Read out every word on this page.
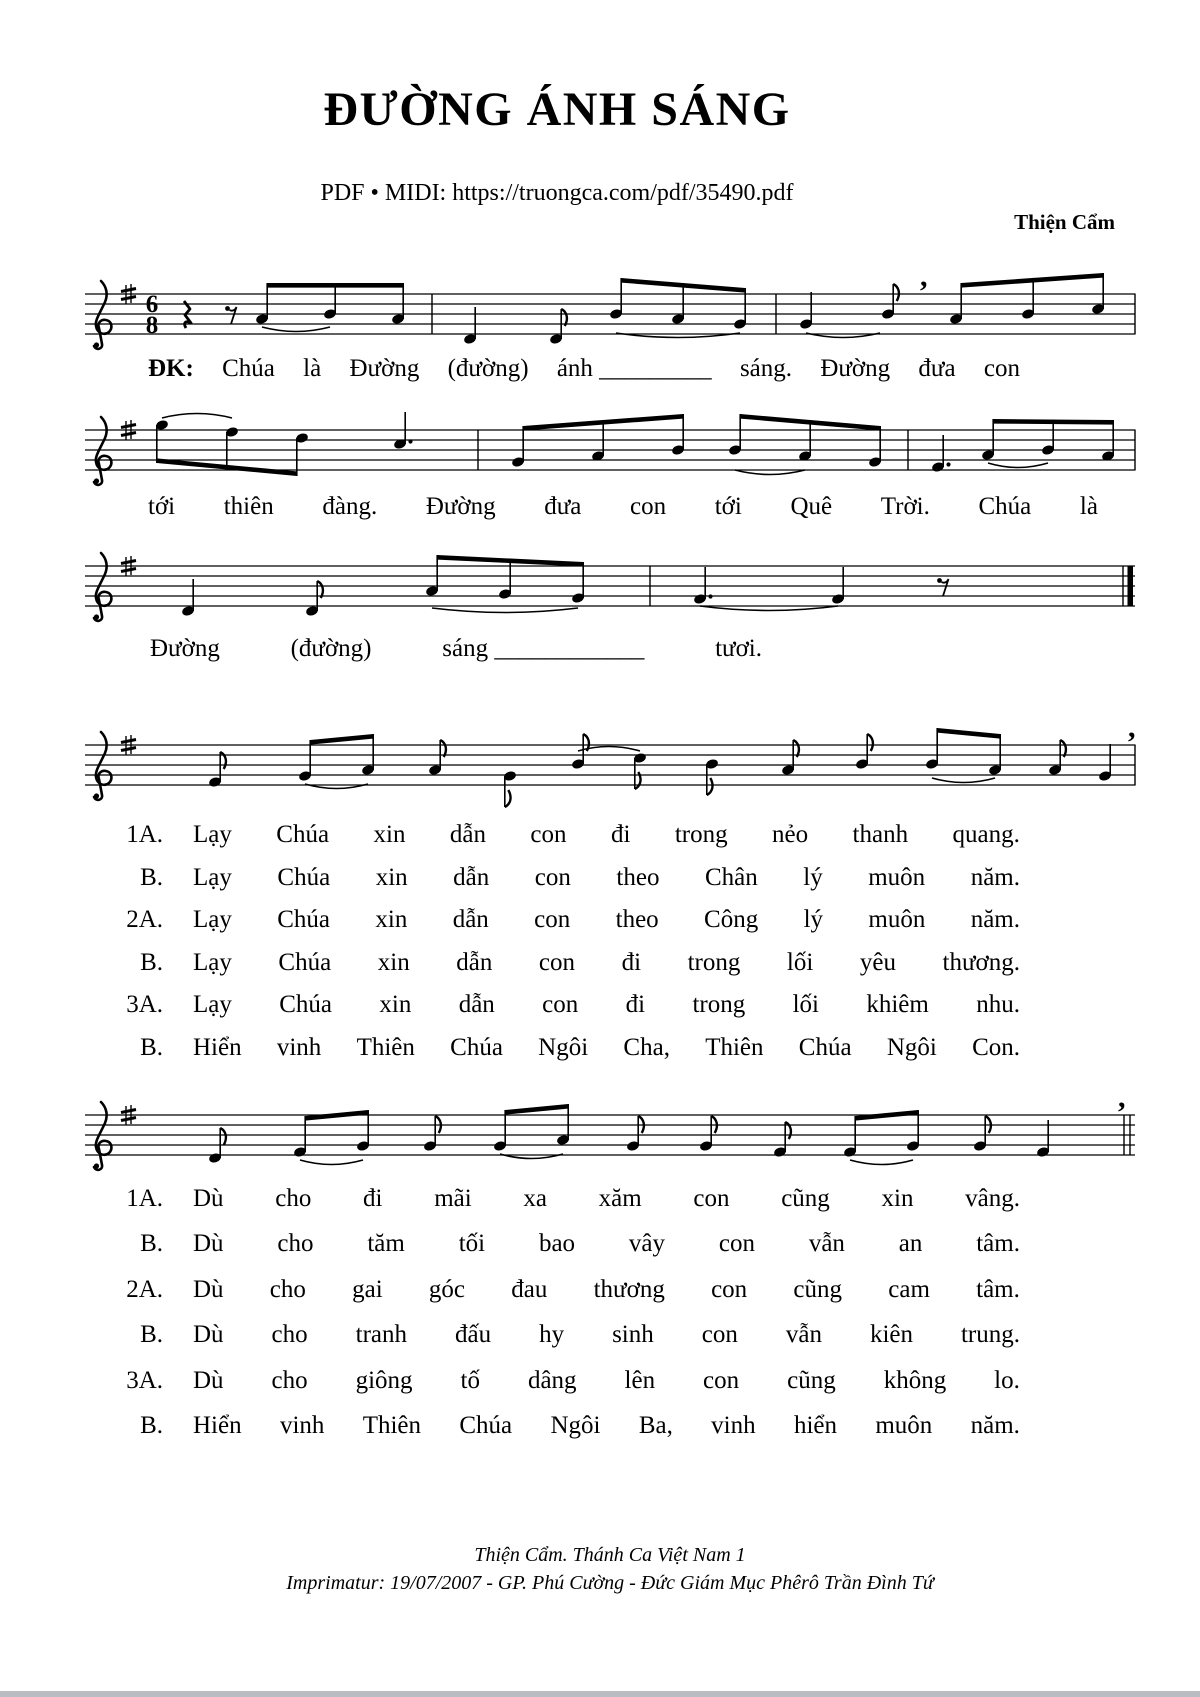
6
8
,
,
,
ĐƯỜNG ÁNH SÁNG
PDF • MIDI: https://truongca.com/pdf/35490.pdf
Thiện Cẩm
ĐK: Chúa là Đường (đường) ánh _________ sáng. Đường đưa con
tới thiên đàng. Đường đưa con tới Quê Trời. Chúa là
Đường	(đường)	sáng ____________	tươi.
1A. Lạy Chúa xin dẫn con đi trong nẻo thanh quang.
B. Lạy Chúa xin dẫn con theo Chân lý muôn năm.
2A. Lạy Chúa xin dẫn con theo Công lý muôn năm.
B. Lạy Chúa xin dẫn con đi trong lối yêu thương.
3A. Lạy Chúa xin dẫn con đi trong lối khiêm nhu.
B. Hiển vinh Thiên Chúa Ngôi Cha, Thiên Chúa Ngôi Con.
1A. Dù cho đi mãi xa xăm con cũng xin vâng.
B. Dù cho tăm tối bao vây con vẫn an tâm.
2A. Dù cho gai góc đau thương con cũng cam tâm.
B. Dù cho tranh đấu hy sinh con vẫn kiên trung.
3A. Dù cho giông tố dâng lên con cũng không lo.
B. Hiển vinh Thiên Chúa Ngôi Ba, vinh hiển muôn năm.
Thiện Cẩm. Thánh Ca Việt Nam 1
Imprimatur: 19/07/2007 - GP. Phú Cường - Đức Giám Mục Phêrô Trần Đình Tứ
